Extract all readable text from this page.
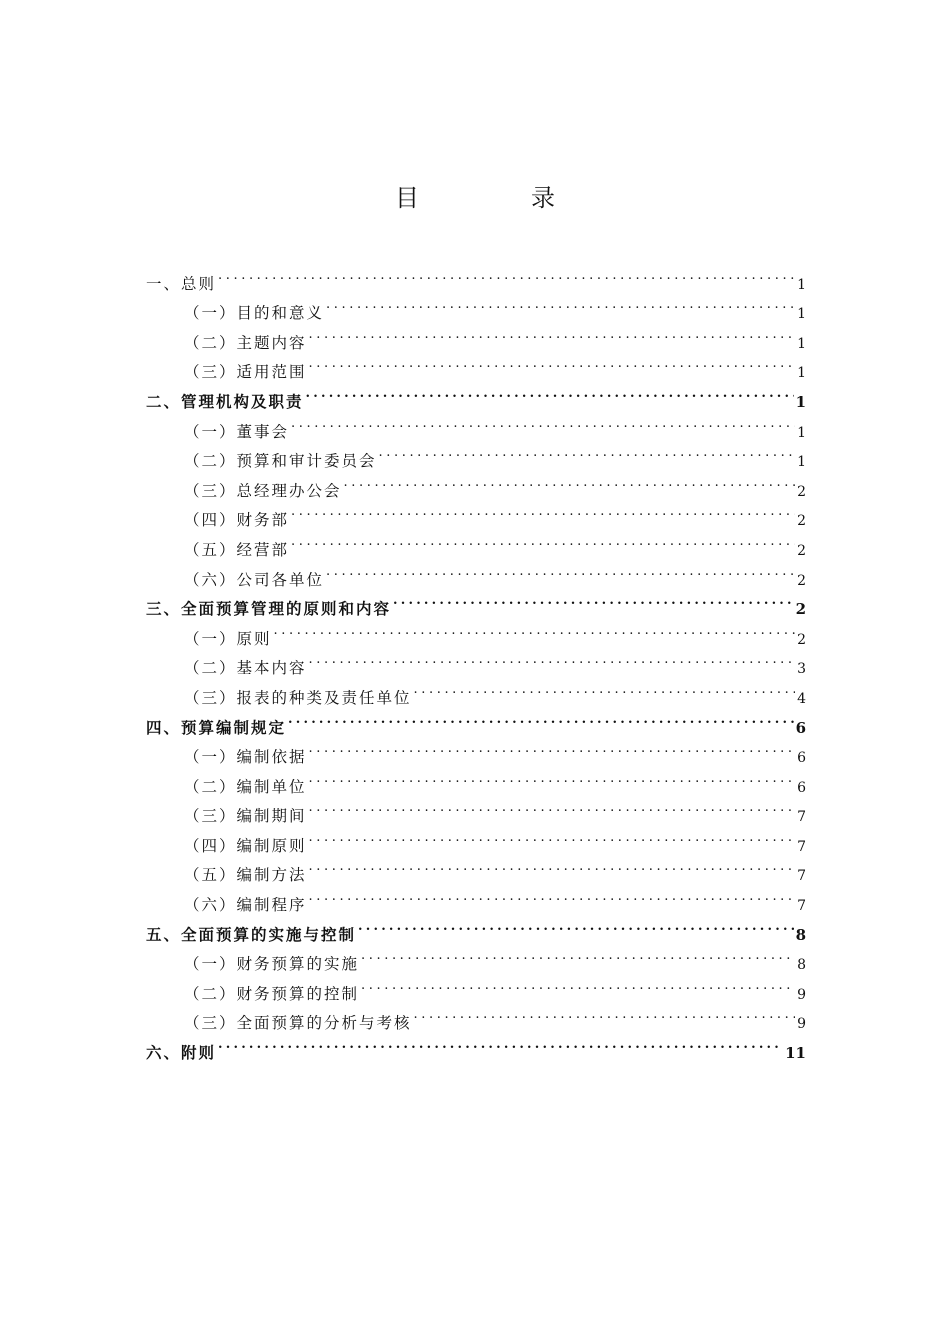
目　录
一、总则 .....	1
（一）目的和意义 .....	1
（二）主题内容 .....	1
（三）适用范围 .....	1
二、管理机构及职责 .....	1
（一）董事会 .....	1
（二）预算和审计委员会 .....	1
（三）总经理办公会 .....	2
（四）财务部 .....	2
（五）经营部 .....	2
（六）公司各单位 .....	2
三、全面预算管理的原则和内容 .....	2
（一）原则 .....	2
（二）基本内容 .....	3
（三）报表的种类及责任单位 .....	4
四、预算编制规定 .....	6
（一）编制依据 .....	6
（二）编制单位 .....	6
（三）编制期间 .....	7
（四）编制原则 .....	7
（五）编制方法 .....	7
（六）编制程序 .....	7
五、全面预算的实施与控制 .....	8
（一）财务预算的实施 .....	8
（二）财务预算的控制 .....	9
（三）全面预算的分析与考核 .....	9
六、附则 .....	11
